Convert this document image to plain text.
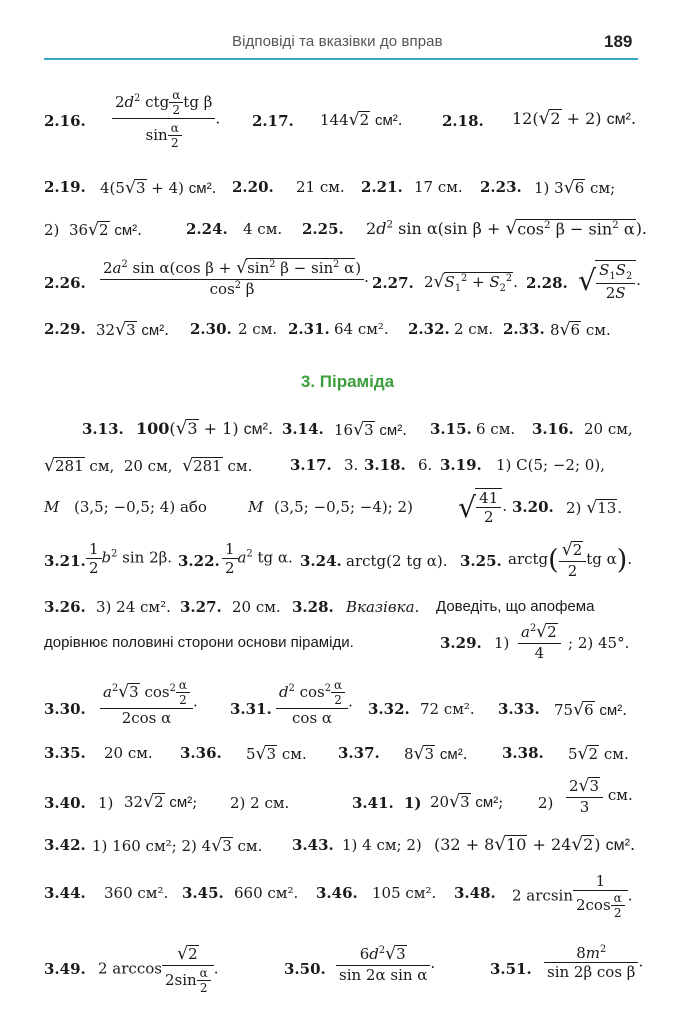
Відповіді та вказівки до вправ	189
2.16.
$2d^2$ ctg $\frac{\alpha}{2}$ tg β
$\sin \frac{\alpha}{2}$
. 2.17. 144√2 см².	2.18. 12(√2 + 2) см².
2.19. 4(5√3 + 4) см². 2.20. 21 см. 2.21. 17 см. 2.23. 1) 3√6 см;
2)  36√2 см².	2.24. 4 см. 2.25. $2d^2$ sin α(sin $\beta + √\cos^2$ $\beta - \sin^2 \alpha$).
2.26. $\frac{2a^2 \sin \alpha(\cos \beta + √\sin^2 \beta - \sin^2 \alpha)}{\cos^2 \beta}$ . 2.27. $2√S_1^2 + S_2^2$. 2.28. √ $\frac{S_1S_2}{2S}$ .
2.29. 32√3 см². 2.30. 2 см. 2.31. 64 см². 2.32. 2 см. 2.33. 8√6 см.
3. Піраміда
3.13. 100(√3 + 1) см². 3.14. 16√3 см². 3.15. 6 см. 3.16. 20 см,
√281 см,  20 см, √281 см.	3.17. 3. 3.18. 6. 3.19. 1) C(5; −2; 0),
M (3,5; −0,5; 4) або	M (3,5; −0,5; −4); 2) √ $\frac{41}{2}$ . 3.20. 2) √13.
3.21. $\frac{1}{2} b^2$ sin 2β. 3.22. $\frac{1}{2} a^2$ tg α. 3.24. arctg(2 tg α). 3.25. arctg( $\frac{√2}{2}$ tg α).
3.26. 3) 24 см². 3.27. 20 см. 3.28. Вказівка. Доведіть, що апофема
дорівнює половині сторони основи піраміди.	3.29. $1) \frac{a^2√2}{4}$ ; 2) 45°.
3.30. $\frac{a^2√3 \cos^2 \frac{\alpha}{2}}{\text{2cos α}}$ . 3.31. $\frac{d^2 \cos^2 \frac{\alpha}{2}}{\text{cos α}}$ . 3.32. 72 см². 3.33. 75√6 см².
3.35. 20 см. 3.36. 5√3 см. 3.37. 8√3 см². 3.38. 5√2 см.
3.40. 1) 32√2 см²; 2) 2 см.	3.41. 1) 20√3 см²; $2) \frac{2√3}{3}$ см.
3.42. 1) 160 см²; 2) 4√3 см. 3.43. 1) 4 см; 2) (32 + 8√10 + 24√2) см².
3.44. 360 см². 3.45. 660 см². 3.46. 105 см². 3.48. 2 $\arcsin \frac{1}{2\cos \frac{\alpha}{2}}$ .
3.49. 2 $\arccos \frac{√2}{2\sin \frac{\alpha}{2}}$ .	3.50. $\frac{6d^2√3}{\text{sin 2α sin α}}$ .	3.51. $\frac{8m^2}{\text{sin 2β cos β}}$ .
